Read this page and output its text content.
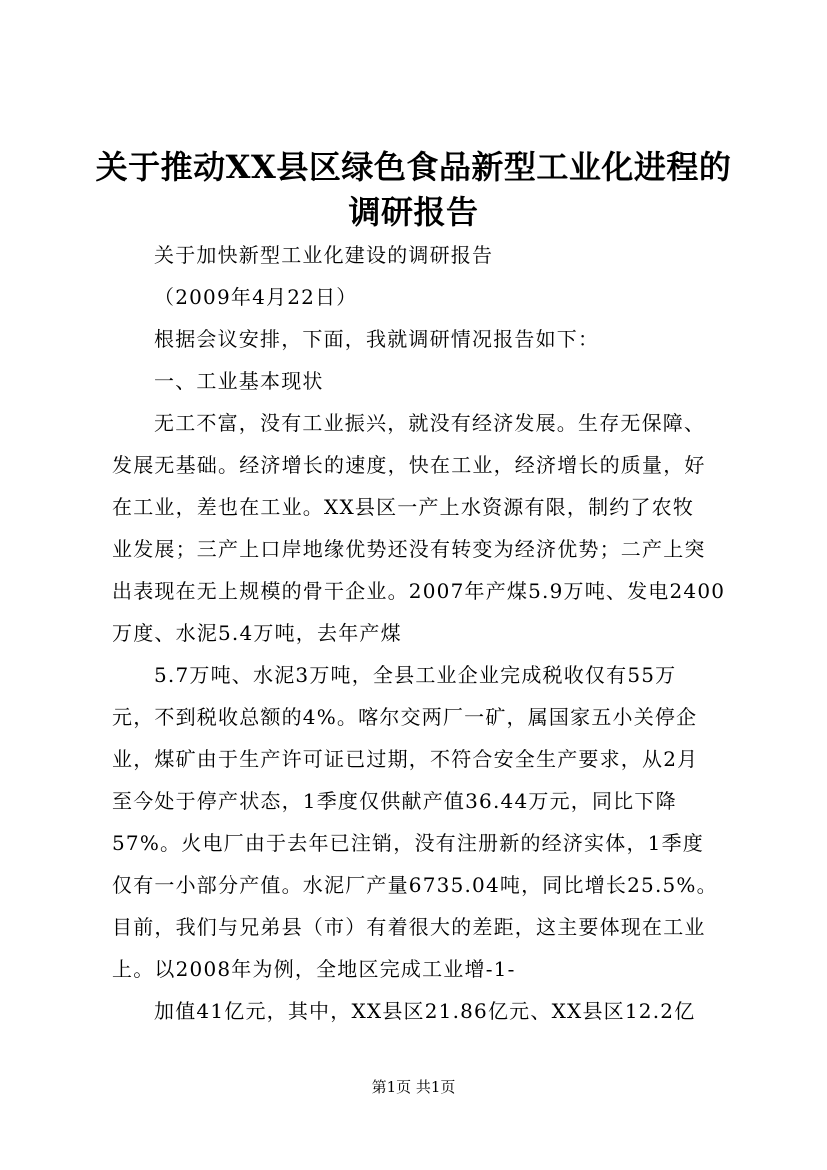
关于推动XX县区绿色食品新型工业化进程的
调研报告
关于加快新型工业化建设的调研报告
（2009年4月22日）
根据会议安排，下面，我就调研情况报告如下：
一、工业基本现状
无工不富，没有工业振兴，就没有经济发展。生存无保障、
发展无基础。经济增长的速度，快在工业，经济增长的质量，好
在工业，差也在工业。XX县区一产上水资源有限，制约了农牧
业发展；三产上口岸地缘优势还没有转变为经济优势；二产上突
出表现在无上规模的骨干企业。2007年产煤5.9万吨、发电2400
万度、水泥5.4万吨，去年产煤
5.7万吨、水泥3万吨，全县工业企业完成税收仅有55万
元，不到税收总额的4%。喀尔交两厂一矿，属国家五小关停企
业，煤矿由于生产许可证已过期，不符合安全生产要求，从2月
至今处于停产状态，1季度仅供献产值36.44万元，同比下降
57%。火电厂由于去年已注销，没有注册新的经济实体，1季度
仅有一小部分产值。水泥厂产量6735.04吨，同比增长25.5%。
目前，我们与兄弟县（市）有着很大的差距，这主要体现在工业
上。以2008年为例，全地区完成工业增-1-
加值41亿元，其中，XX县区21.86亿元、XX县区12.2亿
第1页 共1页
